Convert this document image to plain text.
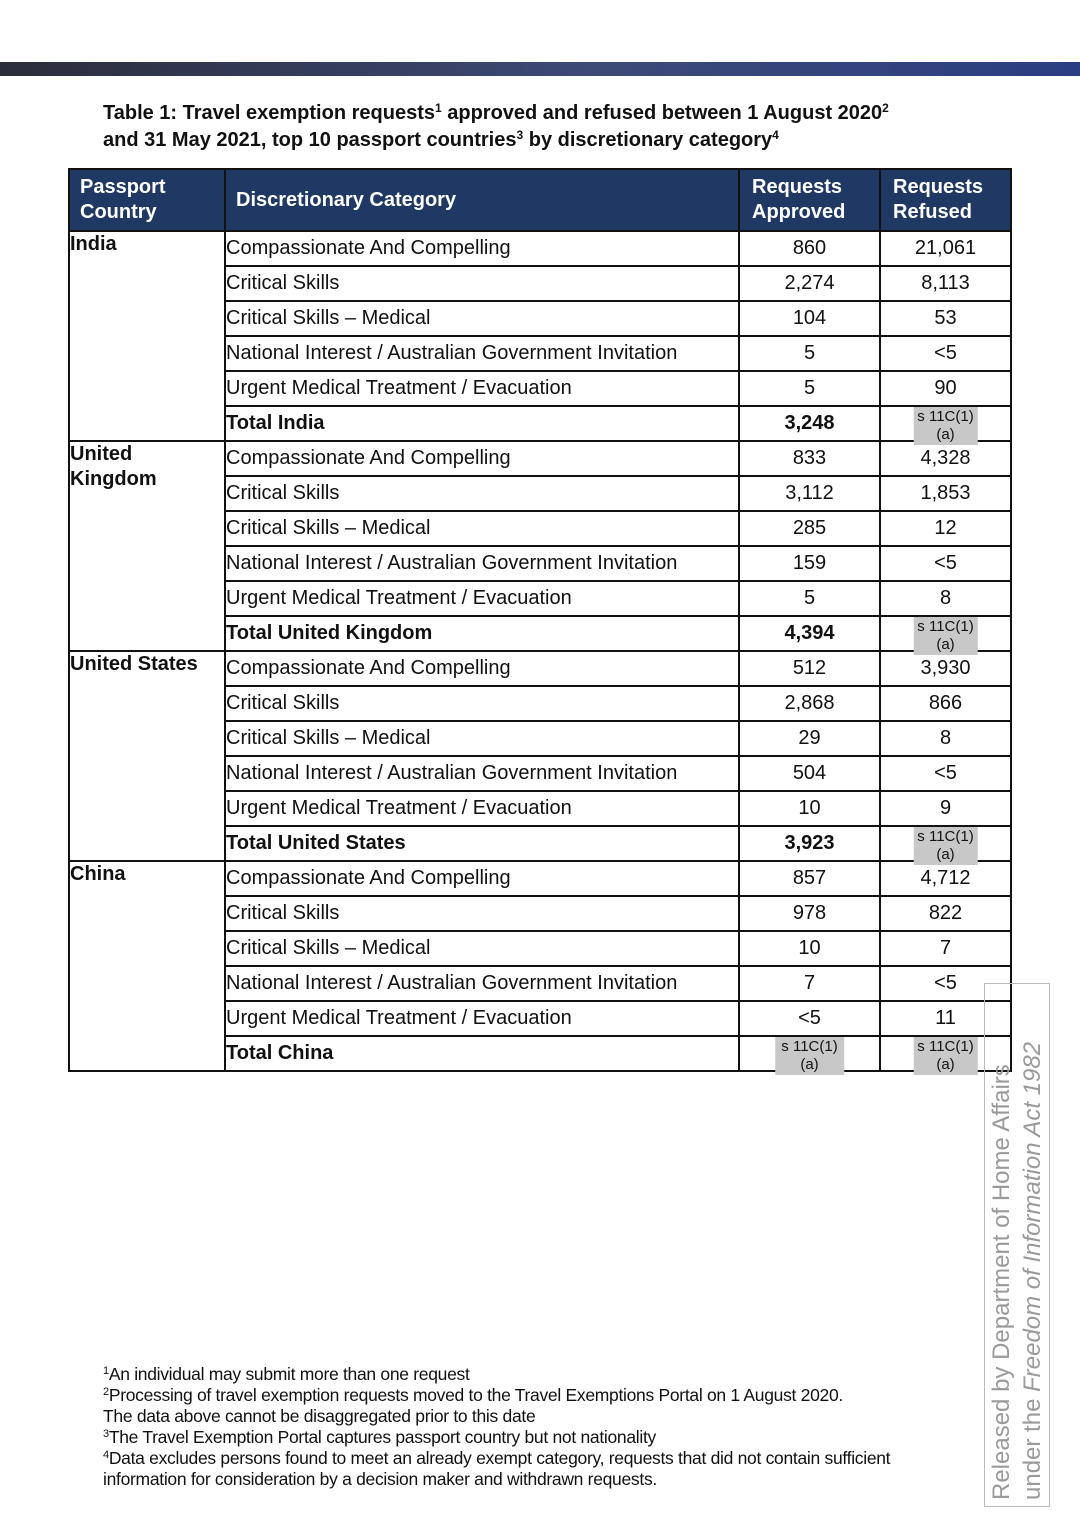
Table 1: Travel exemption requests$^1$ approved and refused between 1 August 2020$^2$
and 31 May 2021, top 10 passport countries$^3$ by discretionary category$^4$
Passport Country	Discretionary Category	Requests Approved	Requests Refused
India	Compassionate And Compelling	860	21,061
	Critical Skills	2,274	8,113
	Critical Skills – Medical	104	53
	National Interest / Australian Government Invitation	5	<5
	Urgent Medical Treatment / Evacuation	5	90
	Total India	3,248	s 11C(1)(a)

United Kingdom	Compassionate And Compelling	833	4,328
	Critical Skills	3,112	1,853
	Critical Skills – Medical	285	12
	National Interest / Australian Government Invitation	159	<5
	Urgent Medical Treatment / Evacuation	5	8
	Total United Kingdom	4,394	s 11C(1)(a)

United States	Compassionate And Compelling	512	3,930
	Critical Skills	2,868	866
	Critical Skills – Medical	29	8
	National Interest / Australian Government Invitation	504	<5
	Urgent Medical Treatment / Evacuation	10	9
	Total United States	3,923	s 11C(1)(a)

China	Compassionate And Compelling	857	4,712
	Critical Skills	978	822
	Critical Skills – Medical	10	7
	National Interest / Australian Government Invitation	7	<5
	Urgent Medical Treatment / Evacuation	<5	11
	Total China	s 11C(1)(a)	s 11C(1)(a)
$^1$An individual may submit more than one request
$^2$Processing of travel exemption requests moved to the Travel Exemptions Portal on 1 August 2020.
The data above cannot be disaggregated prior to this date
$^3$The Travel Exemption Portal captures passport country but not nationality
$^4$Data excludes persons found to meet an already exempt category, requests that did not contain sufficient information for consideration by a decision maker and withdrawn requests.	Released by Department of Home Affairs under the Freedom of Information Act 1982
